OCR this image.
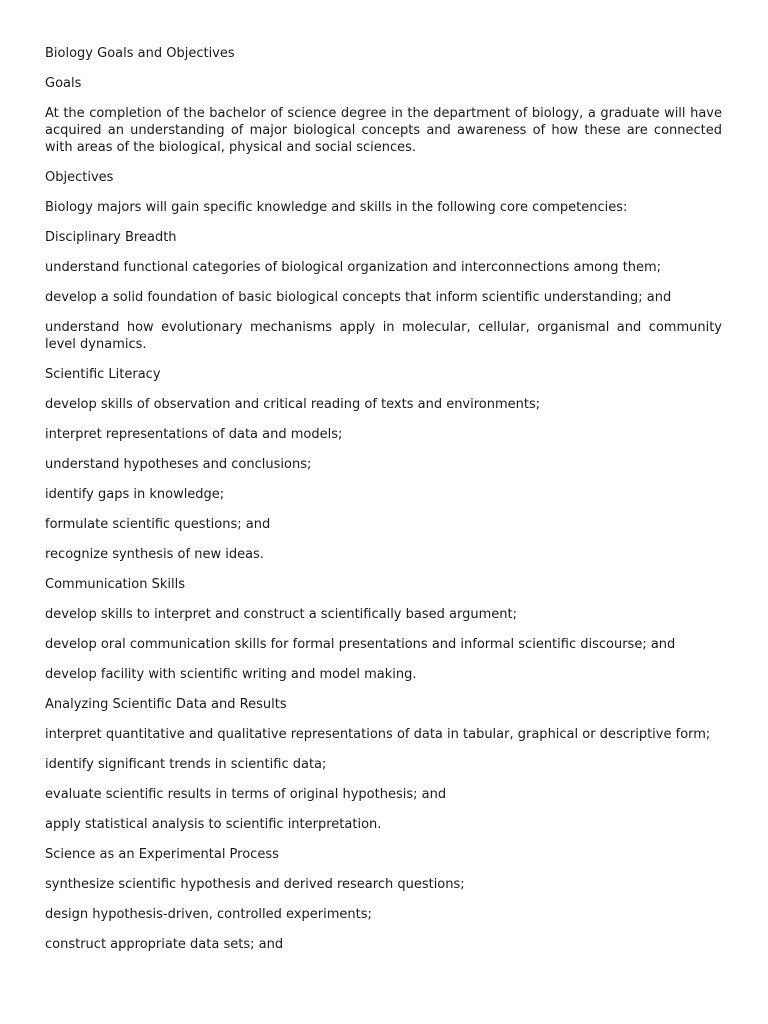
Biology Goals and Objectives

Goals

At the completion of the bachelor of science degree in the department of biology, a graduate will have acquired an understanding of major biological concepts and awareness of how these are connected with areas of the biological, physical and social sciences.

Objectives

Biology majors will gain specific knowledge and skills in the following core competencies:

Disciplinary Breadth

understand functional categories of biological organization and interconnections among them;

develop a solid foundation of basic biological concepts that inform scientific understanding; and

understand how evolutionary mechanisms apply in molecular, cellular, organismal and community level dynamics.

Scientific Literacy

develop skills of observation and critical reading of texts and environments;

interpret representations of data and models;

understand hypotheses and conclusions;

identify gaps in knowledge;

formulate scientific questions; and

recognize synthesis of new ideas.

Communication Skills

develop skills to interpret and construct a scientifically based argument;

develop oral communication skills for formal presentations and informal scientific discourse; and

develop facility with scientific writing and model making.

Analyzing Scientific Data and Results

interpret quantitative and qualitative representations of data in tabular, graphical or descriptive form;

identify significant trends in scientific data;

evaluate scientific results in terms of original hypothesis; and

apply statistical analysis to scientific interpretation.

Science as an Experimental Process

synthesize scientific hypothesis and derived research questions;

design hypothesis-driven, controlled experiments;

construct appropriate data sets; and
